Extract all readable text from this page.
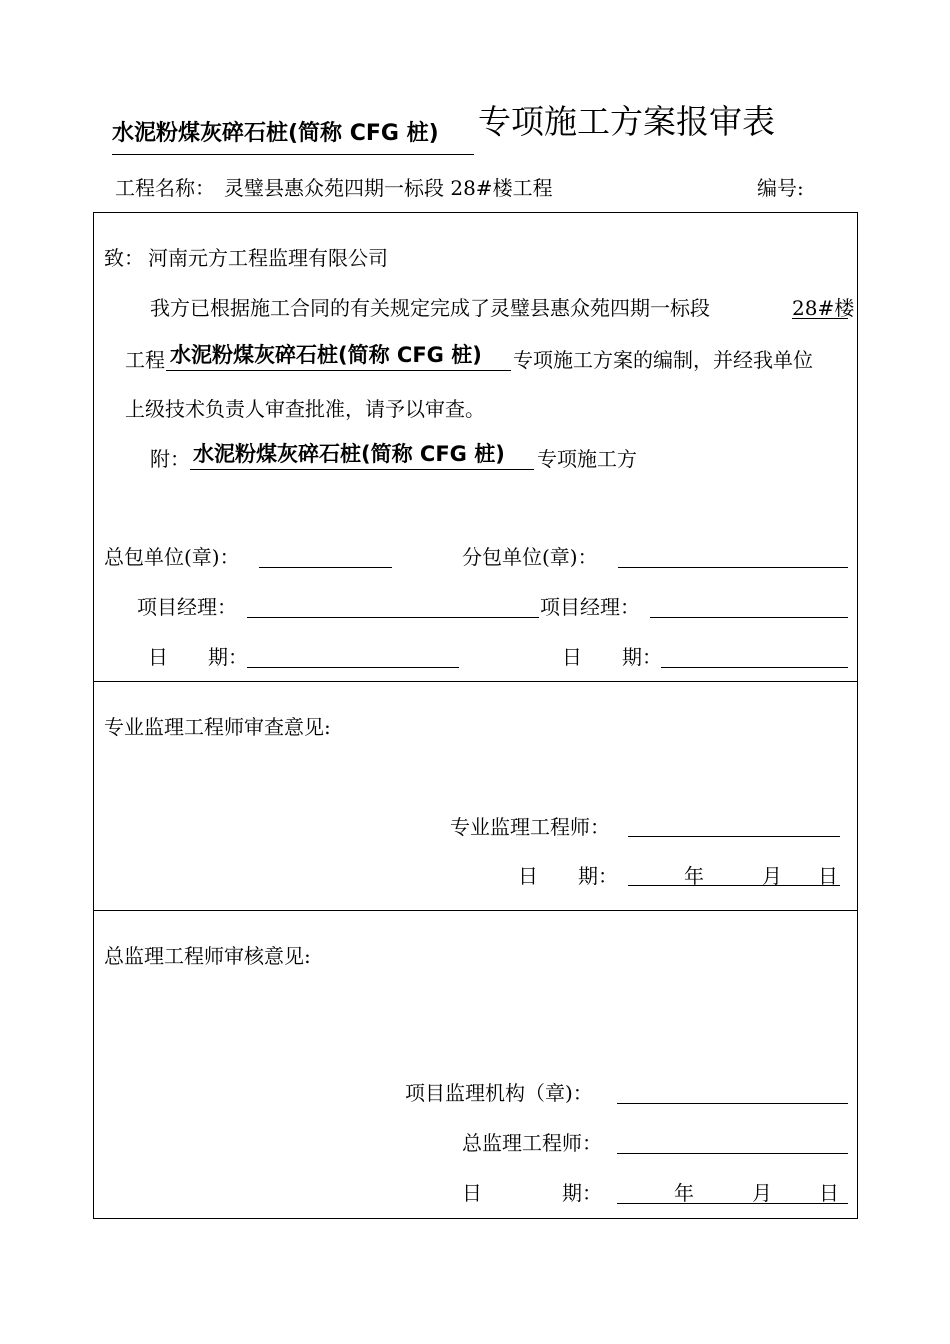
水泥粉煤灰碎石桩(简称 CFG 桩) 专项施工方案报审表
工程名称： 灵璧县惠众苑四期一标段 28#楼工程	编号:
致： 河南元方工程监理有限公司
我方已根据施工合同的有关规定完成了灵璧县惠众苑四期一标段	28#楼
工程 水泥粉煤灰碎石桩(简称 CFG 桩) 专项施工方案的编制，并经我单位
上级技术负责人审查批准，请予以审查。
附： 水泥粉煤灰碎石桩(简称 CFG 桩) 专项施工方
总包单位(章)：	分包单位(章)：
项目经理：	项目经理：
日　　期：	日　　期：
专业监理工程师审查意见:
专业监理工程师：
日　　期：	年	月 日
总监理工程师审核意见:
项目监理机构（章)：
总监理工程师：
日　　　　期：	年	月 日
